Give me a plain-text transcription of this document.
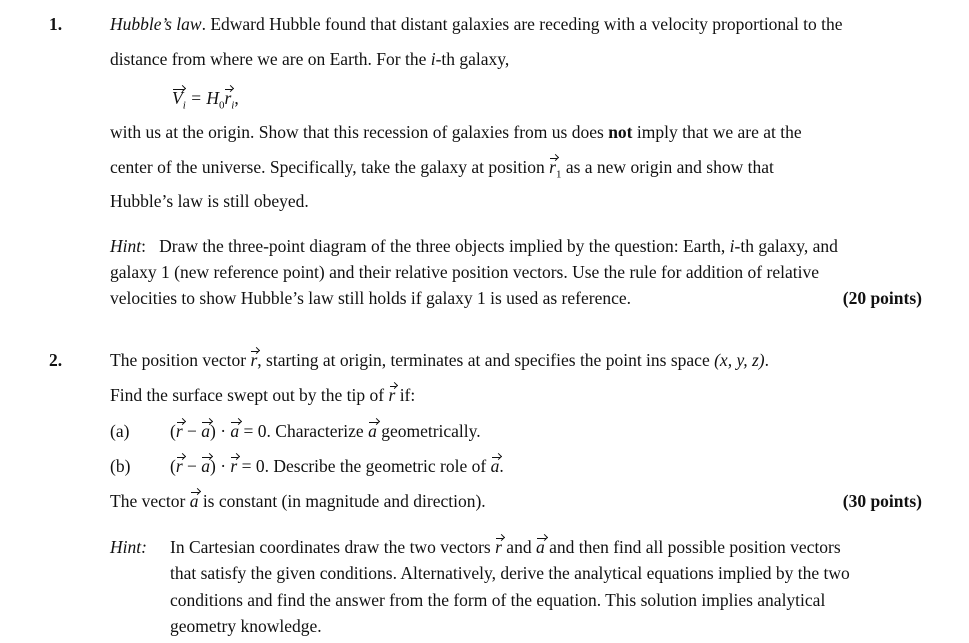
1.	Hubble’s law. Edward Hubble found that distant galaxies are receding with a velocity proportional to the
distance from where we are on Earth. For the i-th galaxy,
$V_i = H_0r_i$,
with us at the origin. Show that this recession of galaxies from us does not imply that we are at the
center of the universe. Specifically, take the galaxy at position $r_1$ as a new origin and show that
Hubble’s law is still obeyed.
Hint: Draw the three-point diagram of the three objects implied by the question: Earth, i-th galaxy, and
galaxy 1 (new reference point) and their relative position vectors. Use the rule for addition of relative
velocities to show Hubble’s law still holds if galaxy 1 is used as reference.	(20 points)
2.	The position vector r, starting at origin, terminates at and specifies the point ins space (x, y, z).
Find the surface swept out by the tip of r if:
(a) (r − a) · a = 0. Characterize a geometrically.
(b) (r − a) · r = 0. Describe the geometric role of a.
The vector a is constant (in magnitude and direction).	(30 points)
Hint: In Cartesian coordinates draw the two vectors r and a and then find all possible position vectors
that satisfy the given conditions. Alternatively, derive the analytical equations implied by the two
conditions and find the answer from the form of the equation. This solution implies analytical
geometry knowledge.
